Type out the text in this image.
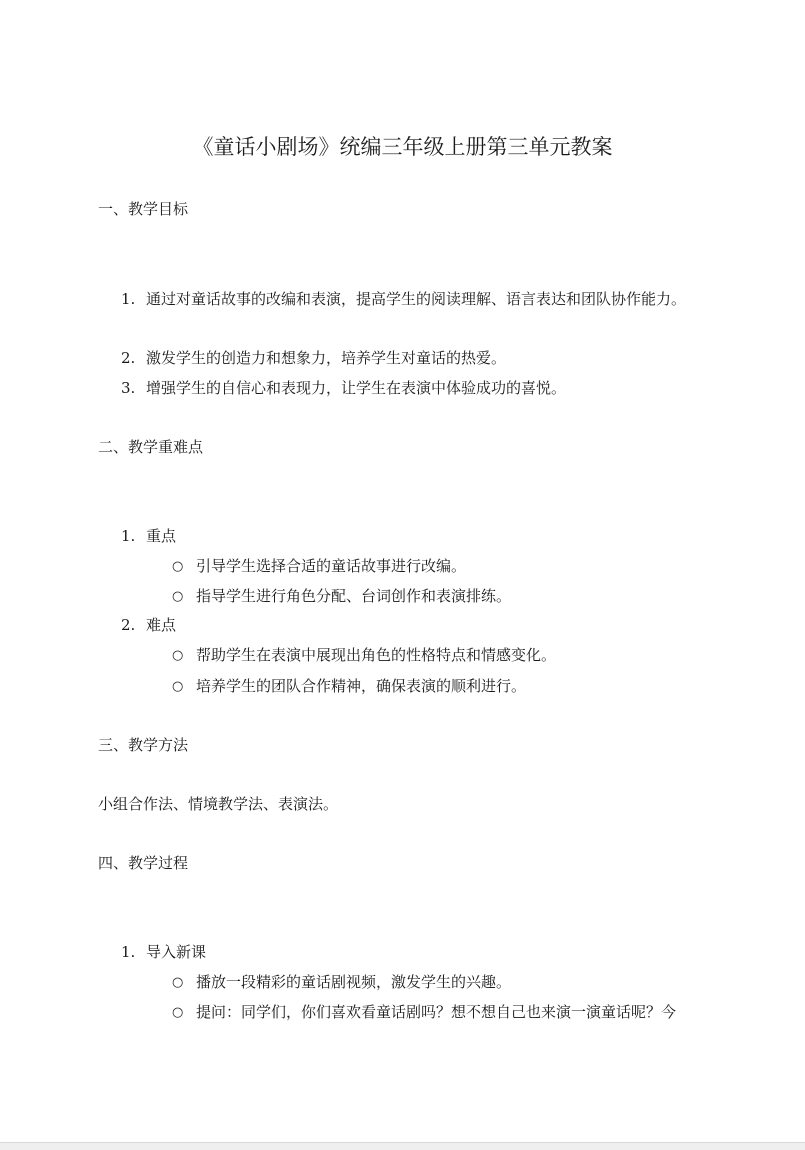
《童话小剧场》统编三年级上册第三单元教案
一、教学目标
1. 通过对童话故事的改编和表演，提高学生的阅读理解、语言表达和团队协作能力。
2. 激发学生的创造力和想象力，培养学生对童话的热爱。
3. 增强学生的自信心和表现力，让学生在表演中体验成功的喜悦。
二、教学重难点
1. 重点
○ 引导学生选择合适的童话故事进行改编。
○ 指导学生进行角色分配、台词创作和表演排练。
2. 难点
○ 帮助学生在表演中展现出角色的性格特点和情感变化。
○ 培养学生的团队合作精神，确保表演的顺利进行。
三、教学方法
小组合作法、情境教学法、表演法。
四、教学过程
1. 导入新课
○ 播放一段精彩的童话剧视频，激发学生的兴趣。
○ 提问：同学们，你们喜欢看童话剧吗？想不想自己也来演一演童话呢？今
